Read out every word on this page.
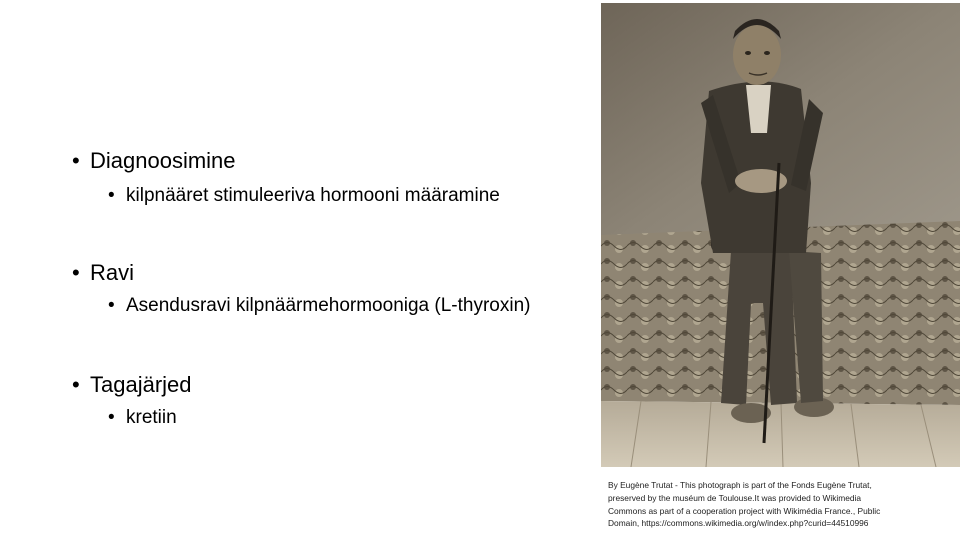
• Diagnoosimine
• kilpnääret stimuleeriva hormooni määramine
• Ravi
• Asendusravi kilpnäärmehormooniga (L-thyroxin)
• Tagajärjed
• kretiin
By Eugène Trutat - This photograph is part of the Fonds Eugène Trutat,
preserved by the muséum de Toulouse.It was provided to Wikimedia
Commons as part of a cooperation project with Wikimédia France., Public
Domain, https://commons.wikimedia.org/w/index.php?curid=44510996
